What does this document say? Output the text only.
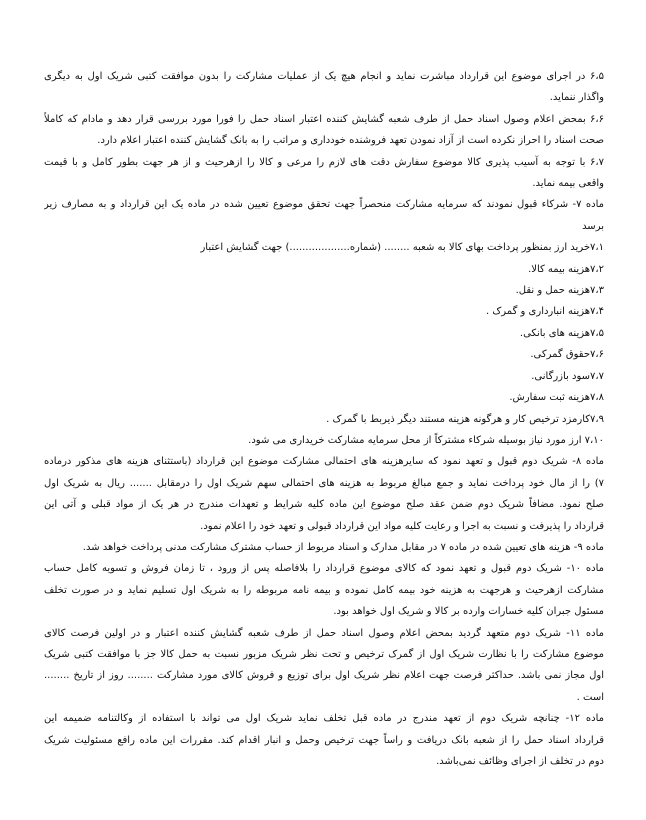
۶،۵ در اجرای موضوع این قرارداد مباشرت نماید و انجام هیچ یک از عملیات مشارکت را بدون موافقت کتبی شریک اول به دیگری
واگذار ننماید.
۶،۶ بمحض اعلام وصول اسناد حمل از طرف شعبه گشایش کننده اعتبار اسناد حمل را فورا مورد بررسی قرار دهد و مادام که کاملاً
صحت اسناد را احراز نکرده است از آزاد نمودن تعهد فروشنده خودداری و مراتب را به بانک گشایش کننده اعتبار اعلام دارد.
۶،۷ با توجه به آسیب پذیری کالا موضوع سفارش دقت های لازم را مرعی و کالا را ازهرحیث و از هر جهت بطور کامل و با قیمت
واقعی بیمه نماید.
ماده ۷- شرکاء قبول نمودند که سرمایه مشارکت منحصراً جهت تحقق موضوع تعیین شده در ماده یک این قرارداد و به مصارف زیر
برسد
۷،۱خرید ارز بمنظور پرداخت بهای کالا به شعبه ........ (شماره...................) جهت گشایش اعتبار
۷،۲هزینه بیمه کالا.
۷،۳هزینه حمل و نقل.
۷،۴هزینه انبارداری و گمرک .
۷،۵هزینه های بانکی.
۷،۶حقوق گمرکی.
۷،۷سود بازرگانی.
۷،۸هزینه ثبت سفارش.
۷،۹کارمزد ترخیص کار و هرگونه هزینه مستند دیگر ذیربط با گمرک .
۷،۱۰ ارز مورد نیاز بوسیله شرکاء مشترکاً از محل سرمایه مشارکت خریداری می شود.
ماده ۸- شریک دوم قبول و تعهد نمود که سایرهزینه های احتمالی مشارکت موضوع این قرارداد (باستثنای هزینه های مذکور درماده
۷) را از مال خود پرداخت نماید و جمع مبالغ مربوط به هزینه های احتمالی سهم شریک اول را درمقابل ....... ریال به شریک اول
صلح نمود. مضافاً شریک دوم ضمن عقد صلح موضوع این ماده کلیه شرایط و تعهدات مندرج در هر یک از مواد قبلی و آتی این
قرارداد را پذیرفت و نسبت به اجرا و رعایت کلیه مواد این قرارداد قبولی و تعهد خود را اعلام نمود.
ماده ۹- هزینه های تعیین شده در ماده ۷ در مقابل مدارک و اسناد مربوط از حساب مشترک مشارکت مدنی پرداخت خواهد شد.
ماده ۱۰- شریک دوم قبول و تعهد نمود که کالای موضوع قرارداد را بلافاصله پس از ورود ، تا زمان فروش و تسویه کامل حساب
مشارکت ازهرحیث و هرجهت به هزینه خود بیمه کامل نموده و بیمه نامه مربوطه را به شریک اول تسلیم نماید و در صورت تخلف
مسئول جبران کلیه خسارات وارده بر کالا و شریک اول خواهد بود.
ماده ۱۱- شریک دوم متعهد گردید بمحض اعلام وصول اسناد حمل از طرف شعبه گشایش کننده اعتبار و در اولین فرصت کالای
موضوع مشارکت را با نظارت شریک اول از گمرک ترخیص و تحت نظر شریک مزبور نسبت به حمل کالا جز با موافقت کتبی شریک
اول مجاز نمی باشد. حداکثر فرصت جهت اعلام نظر شریک اول برای توزیع و فروش کالای مورد مشارکت ........ روز از تاریخ ........
است .
ماده ۱۲- چنانچه شریک دوم از تعهد مندرج در ماده قبل تخلف نماید شریک اول می تواند با استفاده از وکالتنامه ضمیمه این
قرارداد اسناد حمل را از شعبه بانک دریافت و راساً جهت ترخیص وحمل و انبار اقدام کند. مقررات این ماده رافع مسئولیت شریک
دوم در تخلف از اجرای وظائف نمی‌باشد.
